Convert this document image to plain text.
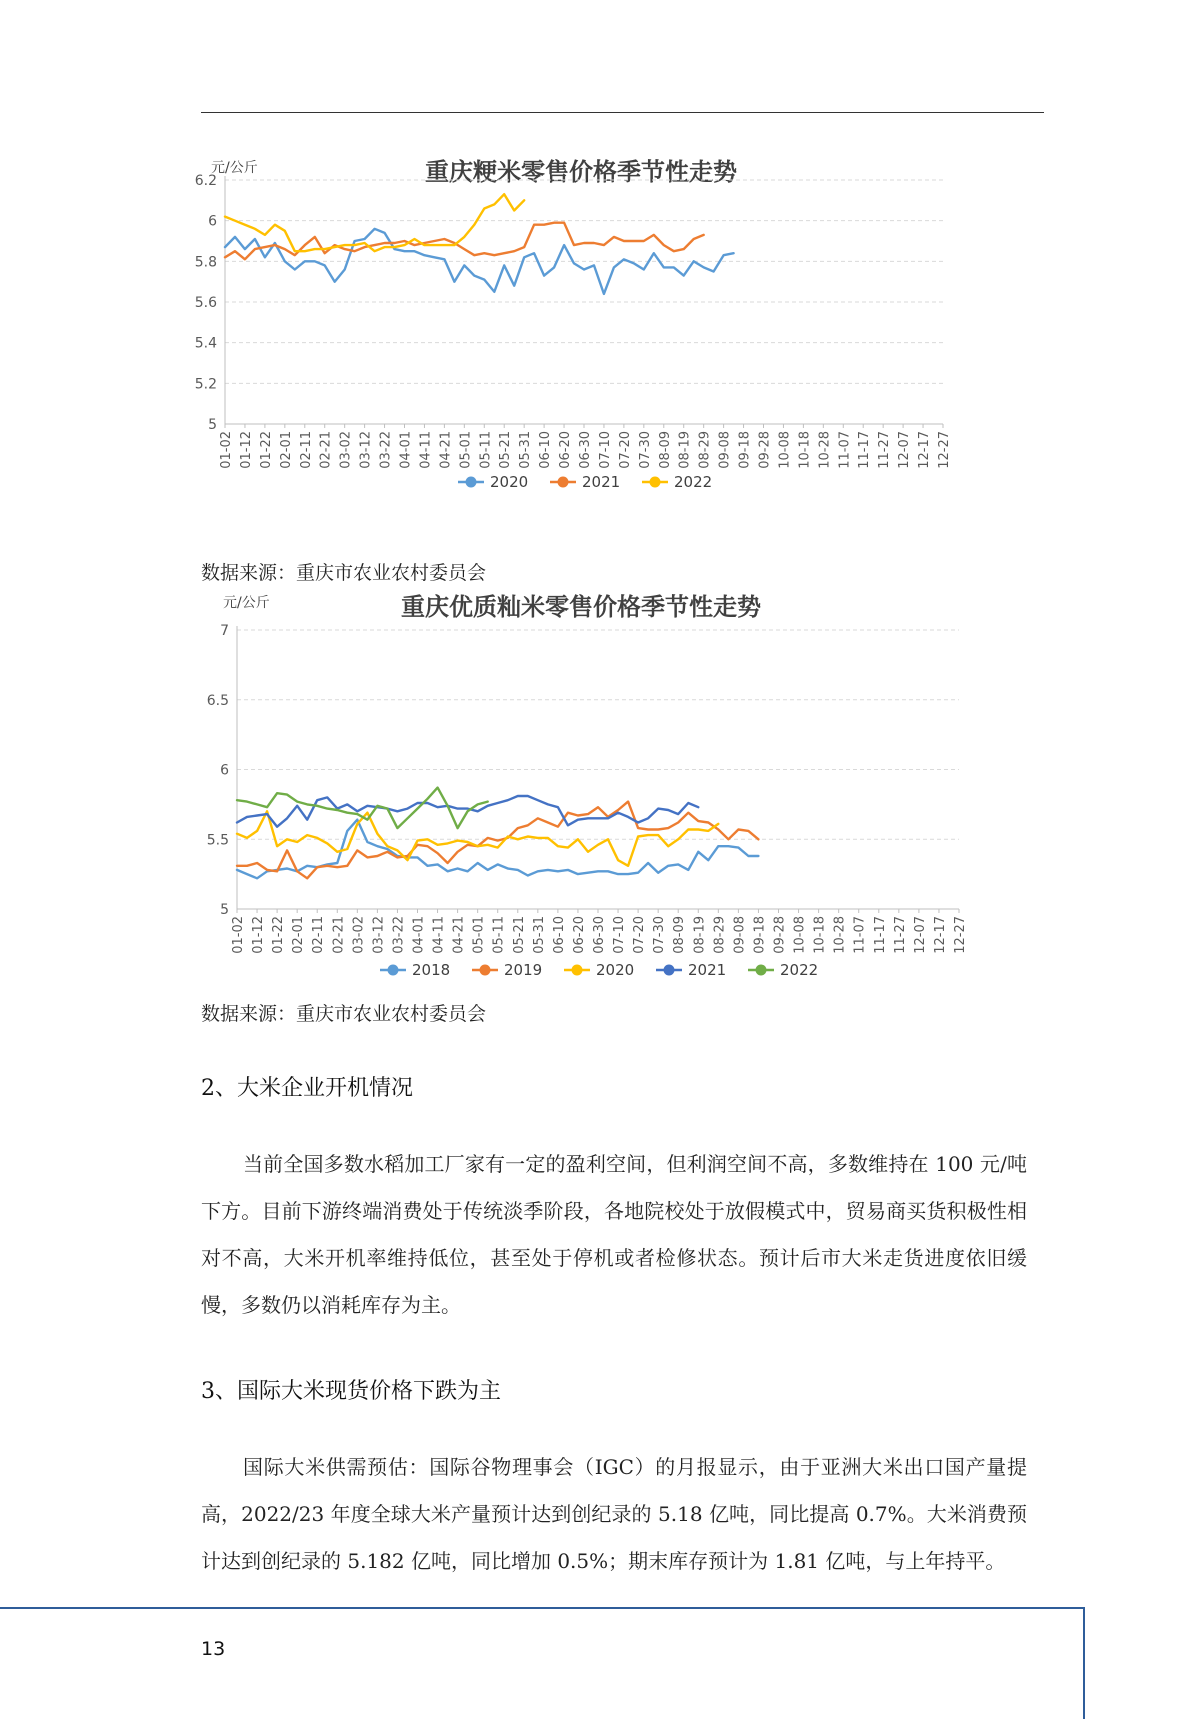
重庆粳米零售价格季节性走势
元/公斤
5
5.2
5.4
5.6
5.8
6
6.2
01-02 01-12 01-22 02-01 02-11 02-21 03-02 03-12 03-22 04-01 04-11 04-21 05-01 05-11 05-21 05-31 06-10 06-20 06-30 07-10 07-20 07-30 08-09 08-19 08-29 09-08 09-18 09-28 10-08 10-18 10-28 11-07 11-17 11-27 12-07 12-17 12-27
2020	2021	2022
数据来源：重庆市农业农村委员会
重庆优质籼米零售价格季节性走势
元/公斤
5
5.5
6
6.5
7
01-02 01-12 01-22 02-01 02-11 02-21 03-02 03-12 03-22 04-01 04-11 04-21 05-01 05-11 05-21 05-31 06-10 06-20 06-30 07-10 07-20 07-30 08-09 08-19 08-29 09-08 09-18 09-28 10-08 10-18 10-28 11-07 11-17 11-27 12-07 12-17 12-27
2018	2019	2020	2021	2022
数据来源：重庆市农业农村委员会
2、大米企业开机情况

当前全国多数水稻加工厂家有一定的盈利空间，但利润空间不高，多数维持在 100 元/吨下方。目前下游终端消费处于传统淡季阶段，各地院校处于放假模式中，贸易商买货积极性相对不高，大米开机率维持低位，甚至处于停机或者检修状态。预计后市大米走货进度依旧缓慢，多数仍以消耗库存为主。

3、国际大米现货价格下跌为主

国际大米供需预估：国际谷物理事会（IGC）的月报显示，由于亚洲大米出口国产量提高，2022/23 年度全球大米产量预计达到创纪录的 5.18 亿吨，同比提高 0.7%。大米消费预计达到创纪录的 5.182 亿吨，同比增加 0.5%；期末库存预计为 1.81 亿吨，与上年持平。

13
